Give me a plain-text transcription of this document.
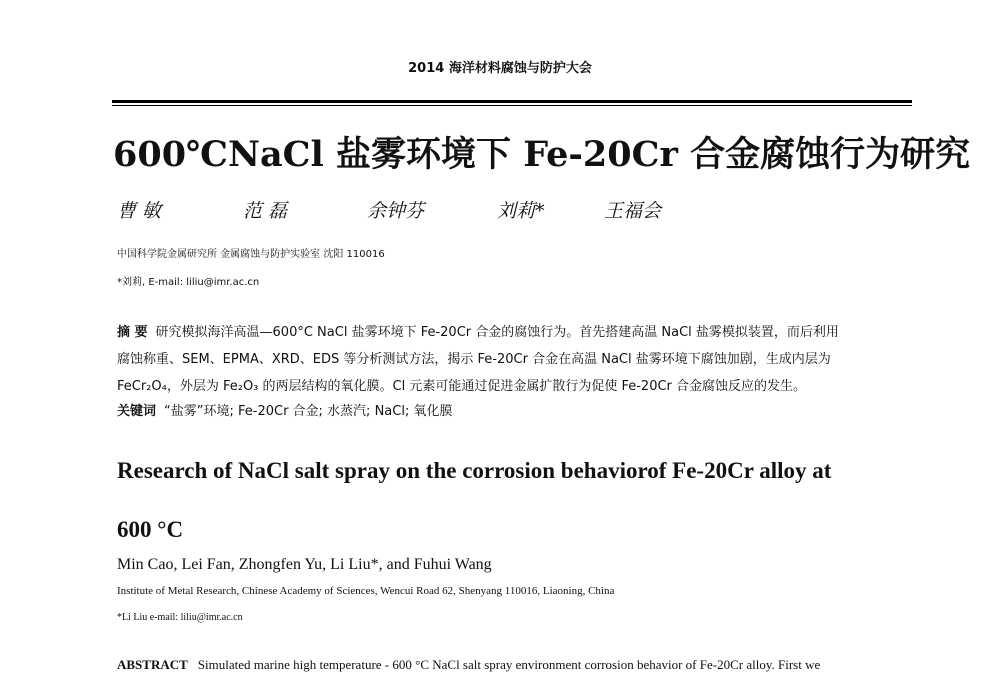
2014 海洋材料腐蚀与防护大会
600℃NaCl 盐雾环境下 Fe-20Cr 合金腐蚀行为研究
曹 敏	范 磊	余钟芬	刘莉*	王福会
中国科学院金属研究所 金属腐蚀与防护实验室 沈阳 110016
*刘莉, E-mail: liliu@imr.ac.cn

摘 要 研究模拟海洋高温—600°C NaCl 盐雾环境下 Fe-20Cr 合金的腐蚀行为。首先搭建高温 NaCl 盐雾模拟装置，而后利用

腐蚀称重、SEM、EPMA、XRD、EDS 等分析测试方法，揭示 Fe-20Cr 合金在高温 NaCl 盐雾环境下腐蚀加剧，生成内层为

FeCr₂O₄，外层为 Fe₂O₃ 的两层结构的氧化膜。Cl 元素可能通过促进金属扩散行为促使 Fe-20Cr 合金腐蚀反应的发生。

关键词 “盐雾”环境; Fe-20Cr 合金; 水蒸汽; NaCl; 氧化膜
Research of NaCl salt spray on the corrosion behaviorof Fe-20Cr alloy at
600 °C
Min Cao, Lei Fan, Zhongfen Yu, Li Liu*, and Fuhui Wang
Institute of Metal Research, Chinese Academy of Sciences, Wencui Road 62, Shenyang 110016, Liaoning, China
*Li Liu e-mail: liliu@imr.ac.cn
ABSTRACT Simulated marine high temperature - 600 °C NaCl salt spray environment corrosion behavior of Fe-20Cr alloy. First we
